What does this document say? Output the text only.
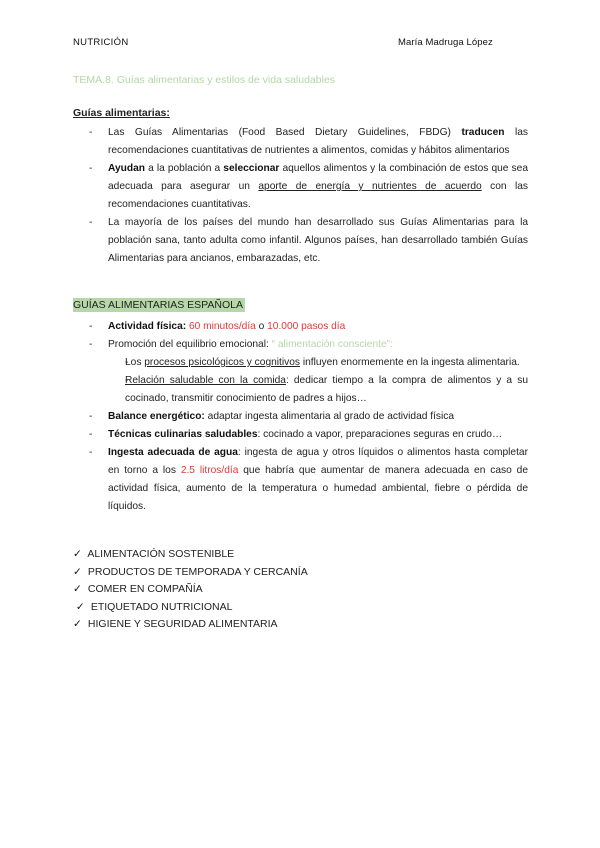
NUTRICIÓN	María Madruga López
TEMA.8. Guías alimentarias y estilos de vida saludables
Guías alimentarias:
- Las Guías Alimentarias (Food Based Dietary Guidelines, FBDG) traducen las recomendaciones cuantitativas de nutrientes a alimentos, comidas y hábitos alimentarios
- Ayudan a la población a seleccionar aquellos alimentos y la combinación de estos que sea adecuada para asegurar un aporte de energía y nutrientes de acuerdo con las recomendaciones cuantitativas.
- La mayoría de los países del mundo han desarrollado sus Guías Alimentarias para la población sana, tanto adulta como infantil. Algunos países, han desarrollado también Guías Alimentarias para ancianos, embarazadas, etc.
GUÍAS ALIMENTARIAS ESPAÑOLA
- Actividad física: 60 minutos/día o 10.000 pasos día
- Promoción del equilibrio emocional: “ alimentación consciente”:
- Los procesos psicológicos y cognitivos influyen enormemente en la ingesta alimentaria.
- Relación saludable con la comida: dedicar tiempo a la compra de alimentos y a su cocinado, transmitir conocimiento de padres a hijos…
- Balance energético: adaptar ingesta alimentaria al grado de actividad física
- Técnicas culinarias saludables: cocinado a vapor, preparaciones seguras en crudo…
- Ingesta adecuada de agua: ingesta de agua y otros líquidos o alimentos hasta completar en torno a los 2.5 litros/día que habría que aumentar de manera adecuada en caso de actividad física, aumento de la temperatura o humedad ambiental, fiebre o pérdida de líquidos.
✓ ALIMENTACIÓN SOSTENIBLE
✓ PRODUCTOS DE TEMPORADA Y CERCANÍA
✓ COMER EN COMPAÑÍA
✓ ETIQUETADO NUTRICIONAL
✓ HIGIENE Y SEGURIDAD ALIMENTARIA
